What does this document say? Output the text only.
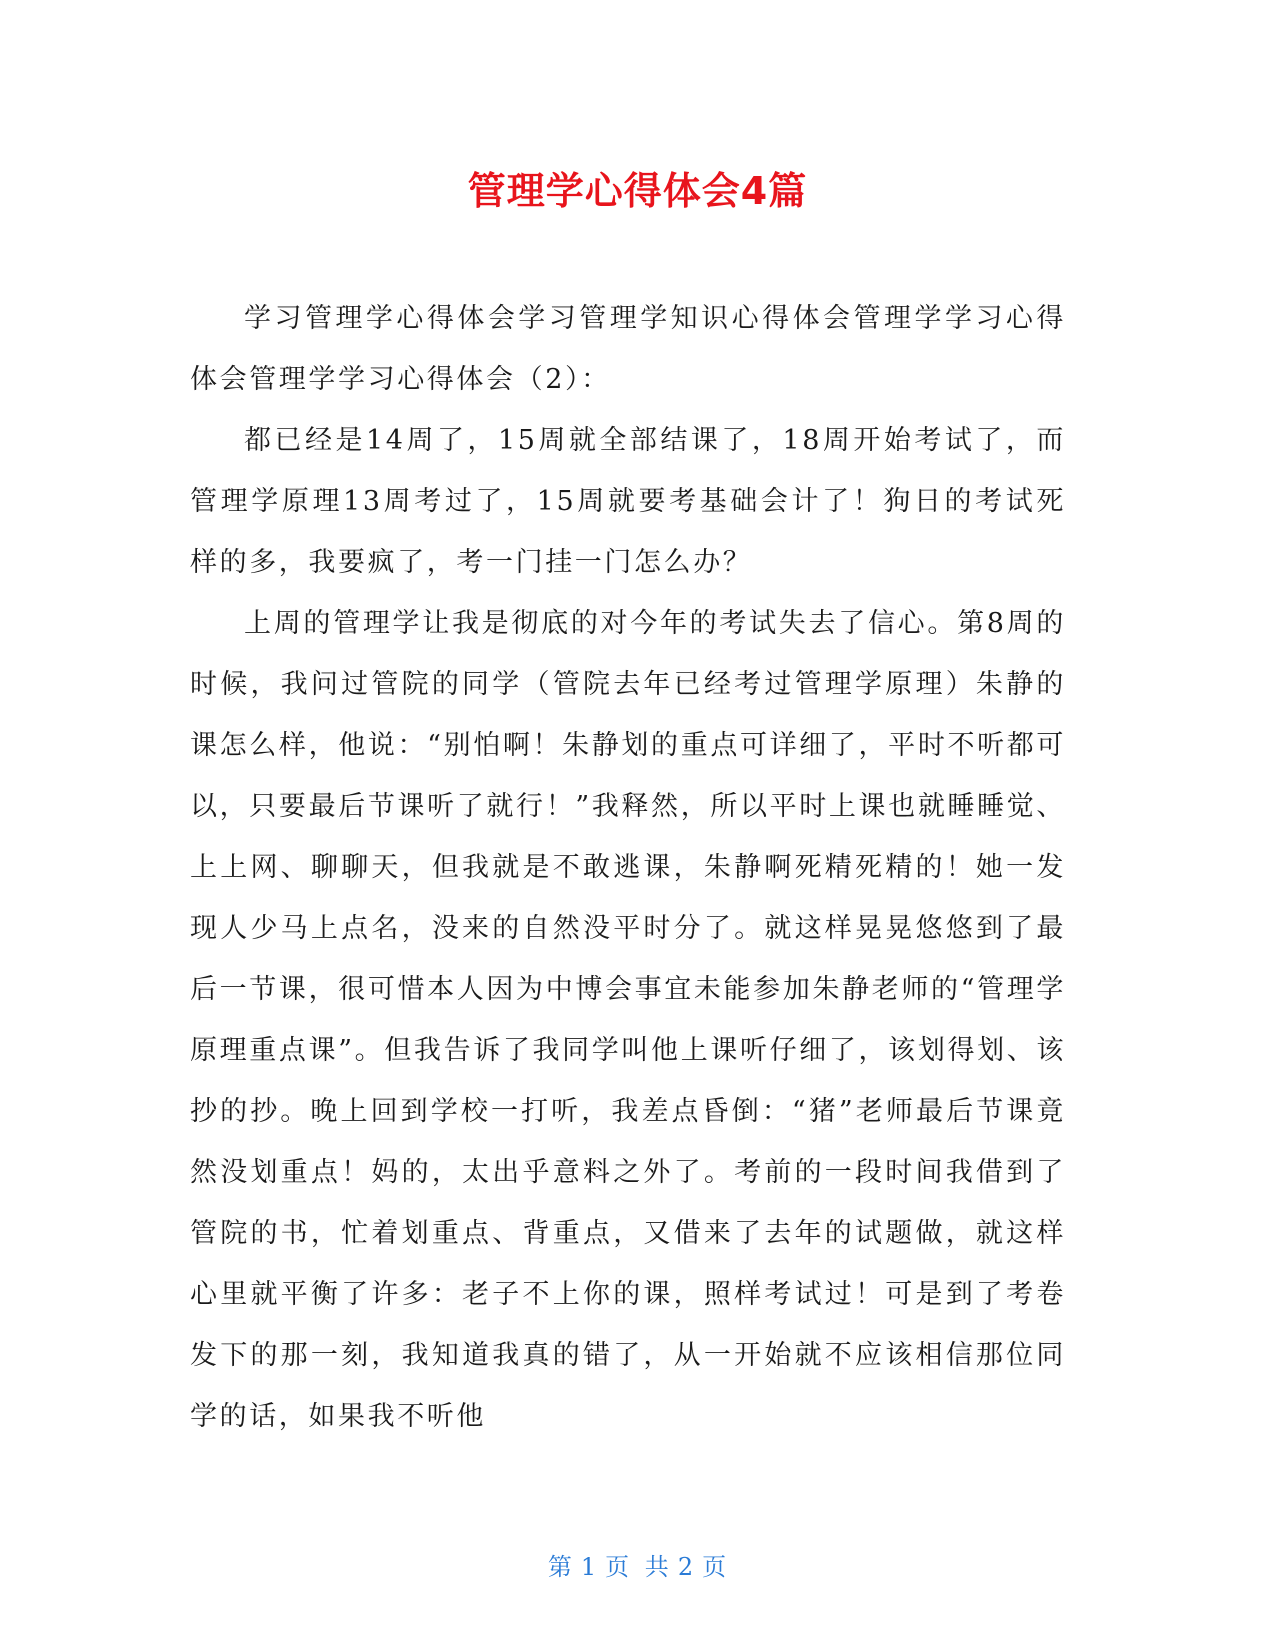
管理学心得体会4篇

学习管理学心得体会学习管理学知识心得体会管理学学习心得体会管理学学习心得体会（2）：

都已经是14周了，15周就全部结课了，18周开始考试了，而管理学原理13周考过了，15周就要考基础会计了！狗日的考试死样的多，我要疯了，考一门挂一门怎么办？

上周的管理学让我是彻底的对今年的考试失去了信心。第8周的时候，我问过管院的同学（管院去年已经考过管理学原理）朱静的课怎么样，他说：“别怕啊！朱静划的重点可详细了，平时不听都可以，只要最后节课听了就行！”我释然，所以平时上课也就睡睡觉、上上网、聊聊天，但我就是不敢逃课，朱静啊死精死精的！她一发现人少马上点名，没来的自然没平时分了。就这样晃晃悠悠到了最后一节课，很可惜本人因为中博会事宜未能参加朱静老师的“管理学原理重点课”。但我告诉了我同学叫他上课听仔细了，该划得划、该抄的抄。晚上回到学校一打听，我差点昏倒：“猪”老师最后节课竟然没划重点！妈的，太出乎意料之外了。考前的一段时间我借到了管院的书，忙着划重点、背重点，又借来了去年的试题做，就这样心里就平衡了许多：老子不上你的课，照样考试过！可是到了考卷发下的那一刻，我知道我真的错了，从一开始就不应该相信那位同学的话，如果我不听他

第 1 页 共 2 页
